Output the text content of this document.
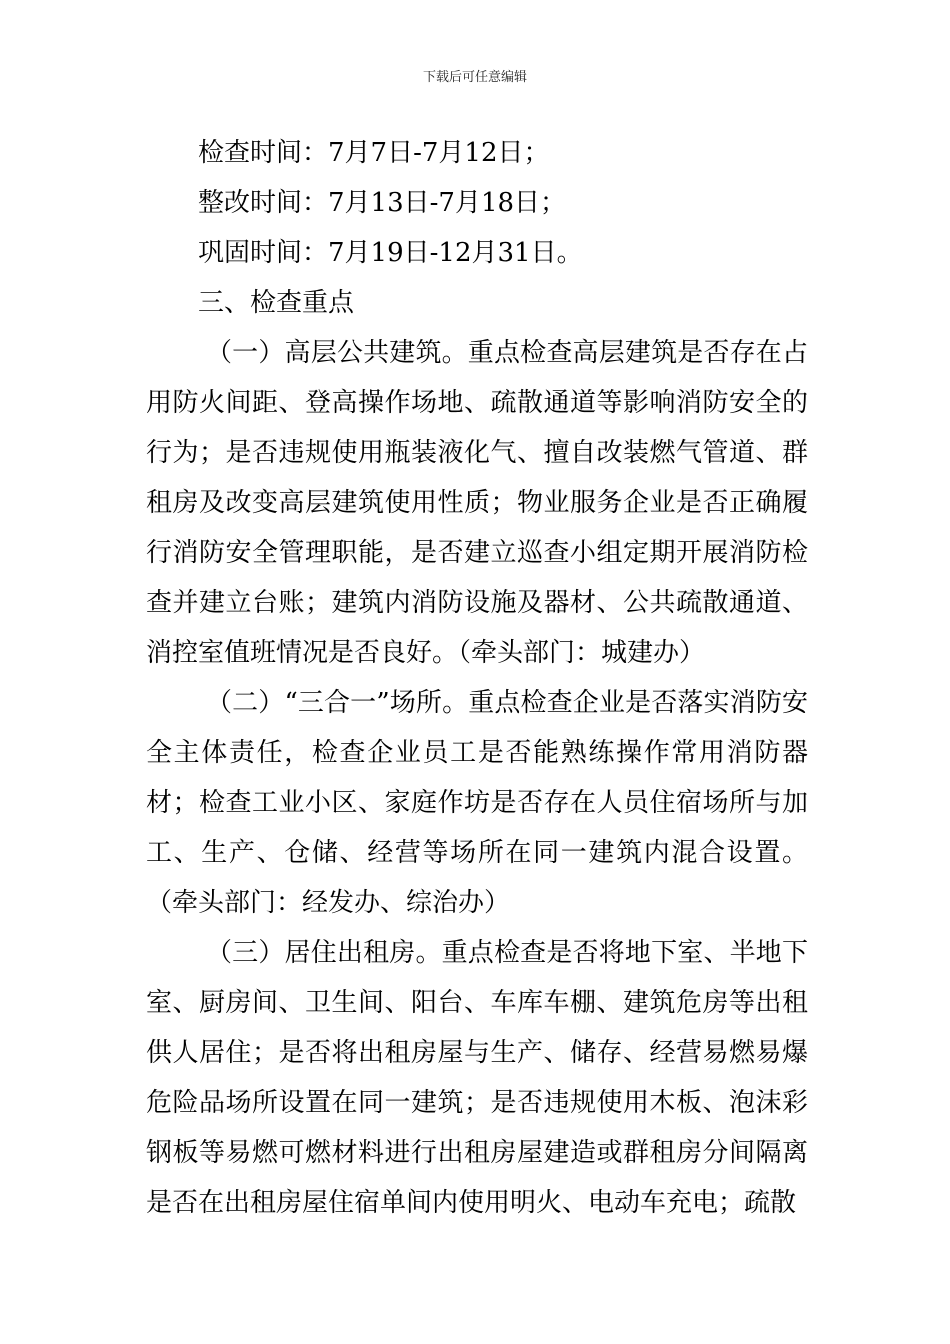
下载后可任意编辑

检查时间：7月7日-7月12日；

整改时间：7月13日-7月18日；

巩固时间：7月19日-12月31日。

三、检查重点

（一）高层公共建筑。重点检查高层建筑是否存在占用防火间距、登高操作场地、疏散通道等影响消防安全的行为；是否违规使用瓶装液化气、擅自改装燃气管道、群租房及改变高层建筑使用性质；物业服务企业是否正确履行消防安全管理职能，是否建立巡查小组定期开展消防检查并建立台账；建筑内消防设施及器材、公共疏散通道、消控室值班情况是否良好。（牵头部门：城建办）

（二）“三合一”场所。重点检查企业是否落实消防安全主体责任，检查企业员工是否能熟练操作常用消防器材；检查工业小区、家庭作坊是否存在人员住宿场所与加工、生产、仓储、经营等场所在同一建筑内混合设置。（牵头部门：经发办、综治办）

（三）居住出租房。重点检查是否将地下室、半地下室、厨房间、卫生间、阳台、车库车棚、建筑危房等出租供人居住；是否将出租房屋与生产、储存、经营易燃易爆危险品场所设置在同一建筑；是否违规使用木板、泡沫彩钢板等易燃可燃材料进行出租房屋建造或群租房分间隔离是否在出租房屋住宿单间内使用明火、电动车充电；疏散
